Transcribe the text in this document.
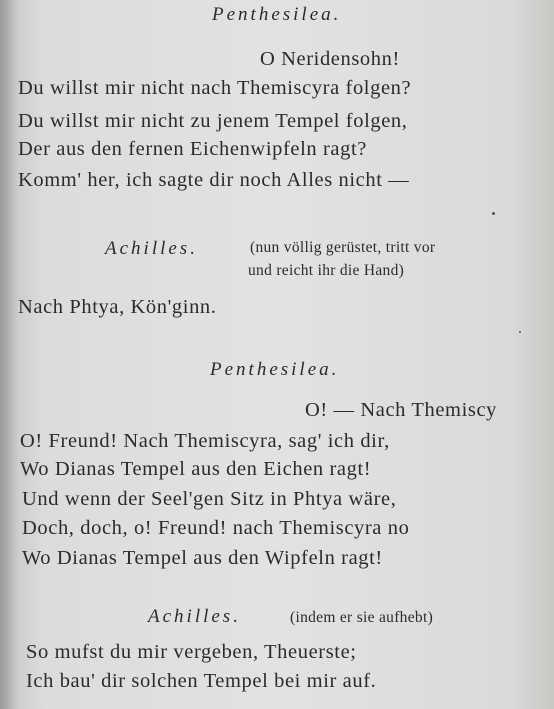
Penthesilea.
O Neridensohn!
Du willst mir nicht nach Themiscyra folgen?
Du willst mir nicht zu jenem Tempel folgen,
Der aus den fernen Eichenwipfeln ragt?
Komm' her, ich sagte dir noch Alles nicht —
Achilles.	(nun völlig gerüstet, tritt vor
und reicht ihr die Hand)
Nach Phtya, Kön'ginn.
Penthesilea.
O! — Nach Themiscy
O! Freund! Nach Themiscyra, sag' ich dir,
Wo Dianas Tempel aus den Eichen ragt!
Und wenn der Seel'gen Sitz in Phtya wäre,
Doch, doch, o! Freund! nach Themiscyra no
Wo Dianas Tempel aus den Wipfeln ragt!
Achilles.	(indem er sie aufhebt)
So mufst du mir vergeben, Theuerste;
Ich bau' dir solchen Tempel bei mir auf.
